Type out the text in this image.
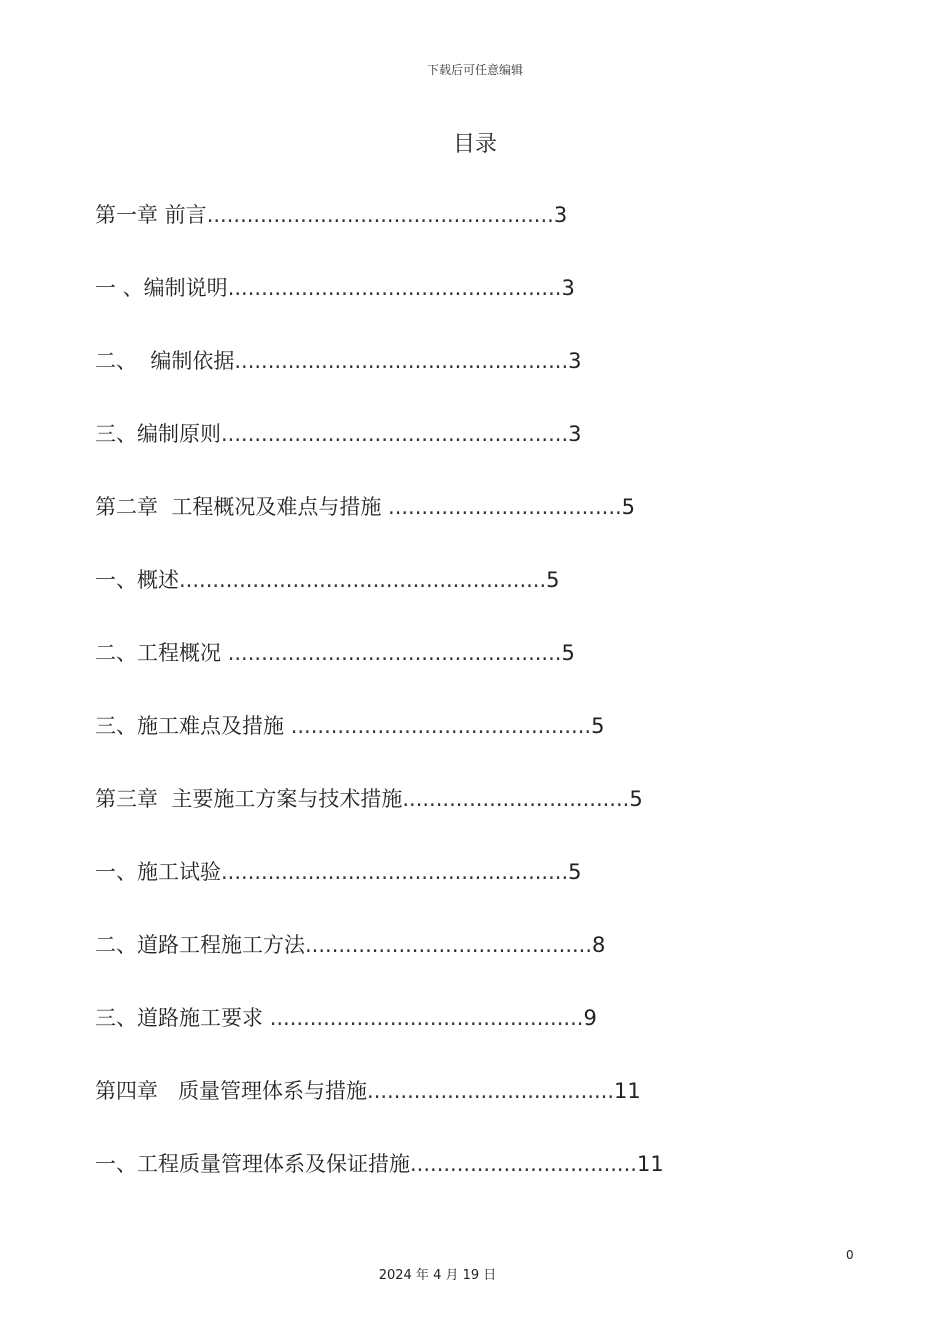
下载后可任意编辑
目录
第一章 前言....................................................3
一 、编制说明..................................................3
二、  编制依据..................................................3
三、编制原则....................................................3
第二章  工程概况及难点与措施 ...................................5
一、概述.......................................................5
二、工程概况 ..................................................5
三、施工难点及措施 .............................................5
第三章  主要施工方案与技术措施..................................5
一、施工试验....................................................5
二、道路工程施工方法...........................................8
三、道路施工要求 ...............................................9
第四章   质量管理体系与措施.....................................11
一、工程质量管理体系及保证措施..................................11
0
2024 年 4 月 19 日
